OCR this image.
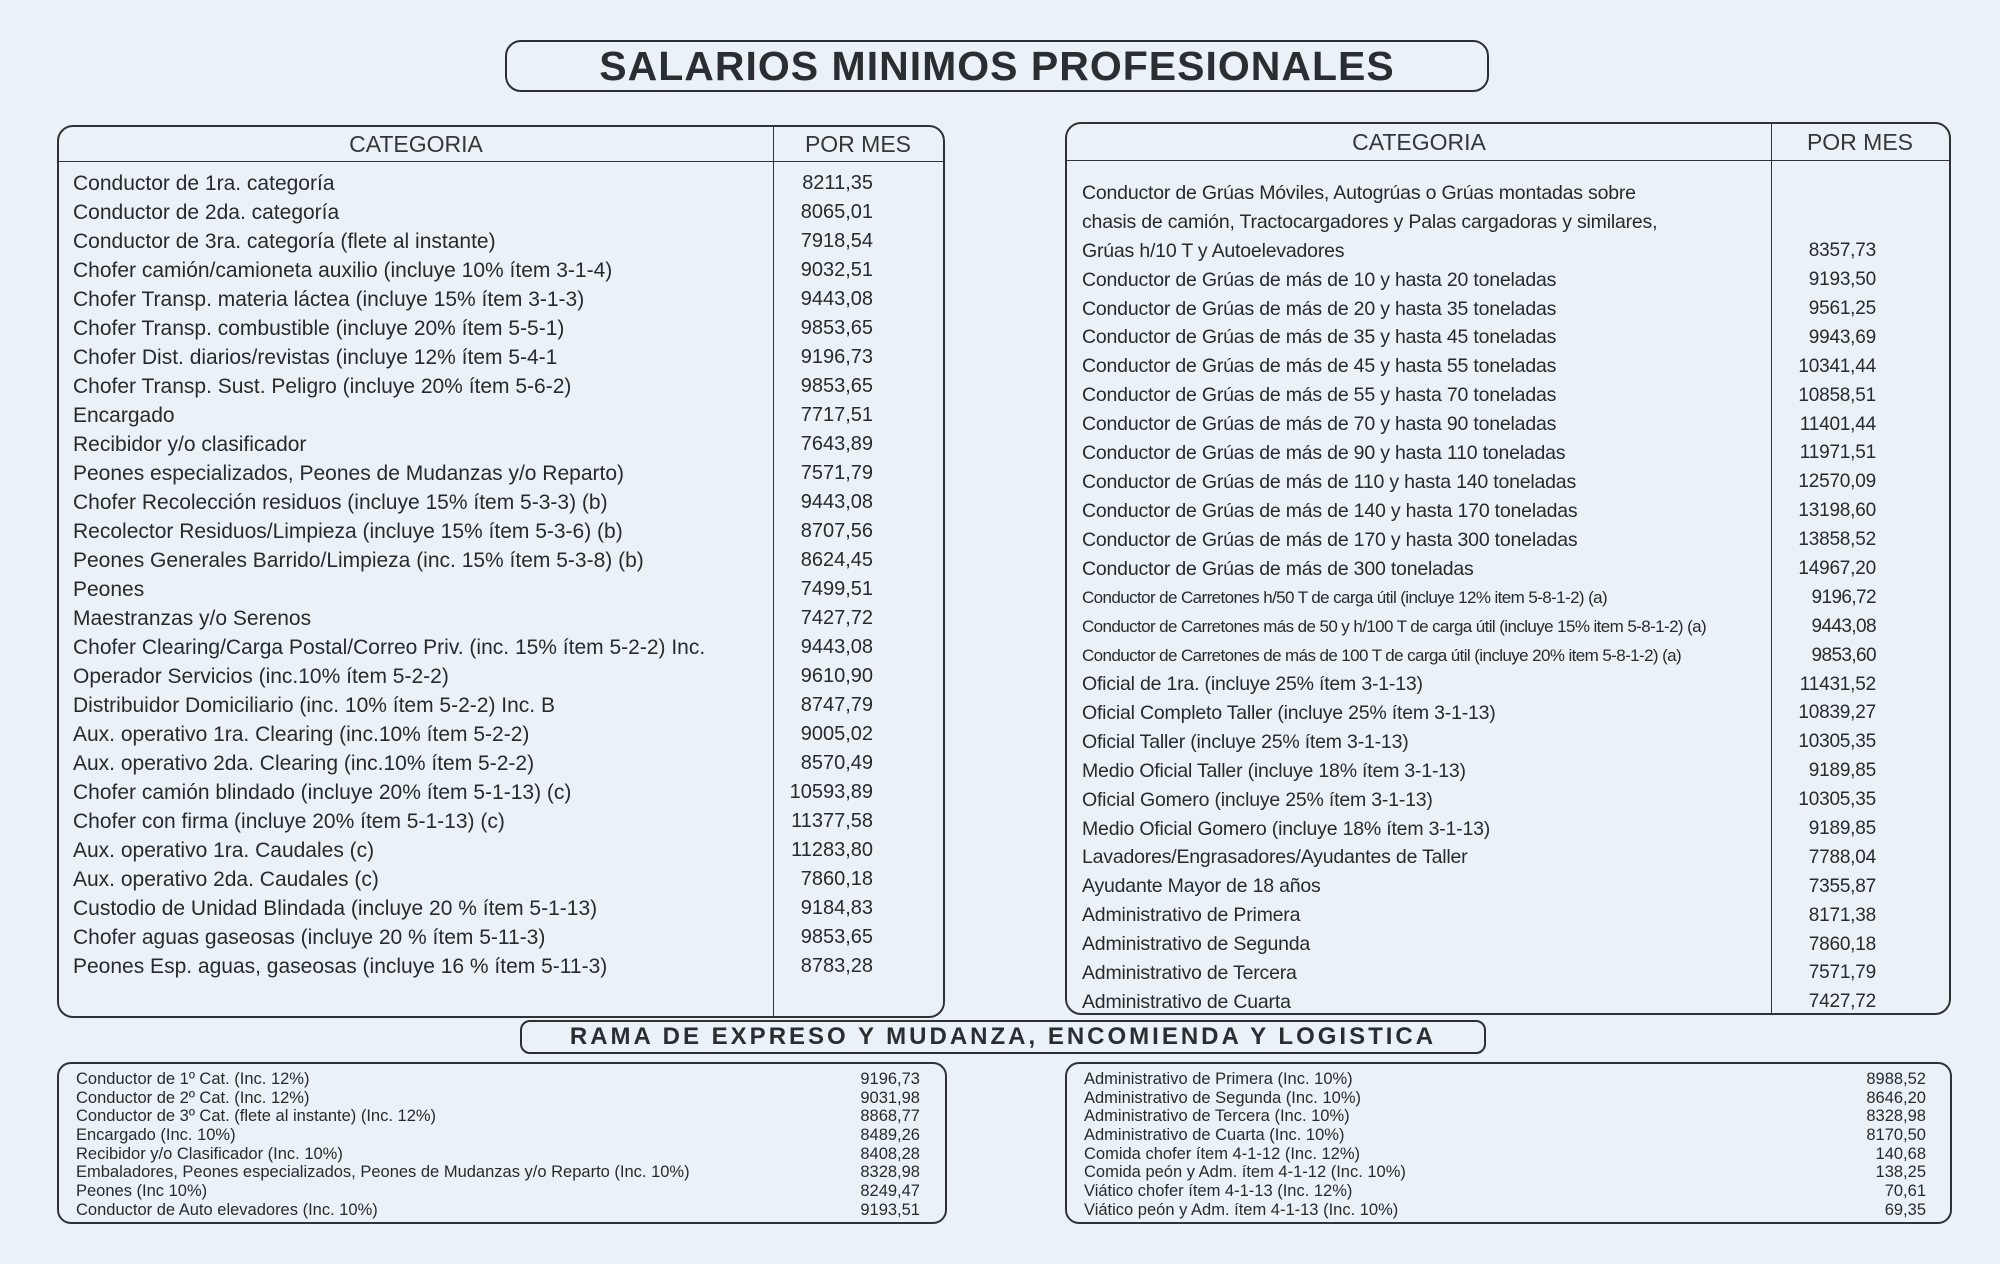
SALARIOS MINIMOS PROFESIONALES
CATEGORIA	POR MES
Conductor de 1ra. categoría	8211,35
Conductor de 2da. categoría	8065,01
Conductor de 3ra. categoría (flete al instante)	7918,54
Chofer camión/camioneta auxilio (incluye 10% ítem 3-1-4)	9032,51
Chofer Transp. materia láctea (incluye 15% ítem 3-1-3)	9443,08
Chofer Transp. combustible (incluye 20% ítem 5-5-1)	9853,65
Chofer Dist. diarios/revistas (incluye 12% ítem 5-4-1	9196,73
Chofer Transp. Sust. Peligro (incluye 20% ítem 5-6-2)	9853,65
Encargado	7717,51
Recibidor y/o clasificador	7643,89
Peones especializados, Peones de Mudanzas y/o Reparto)	7571,79
Chofer Recolección residuos (incluye 15% ítem 5-3-3) (b)	9443,08
Recolector Residuos/Limpieza (incluye 15% ítem 5-3-6) (b)	8707,56
Peones Generales Barrido/Limpieza (inc. 15% ítem 5-3-8) (b)	8624,45
Peones	7499,51
Maestranzas y/o Serenos	7427,72
Chofer Clearing/Carga Postal/Correo Priv. (inc. 15% ítem 5-2-2) Inc.	9443,08
Operador Servicios (inc.10% ítem 5-2-2)	9610,90
Distribuidor Domiciliario (inc. 10% ítem 5-2-2) Inc. B	8747,79
Aux. operativo 1ra. Clearing (inc.10% ítem 5-2-2)	9005,02
Aux. operativo 2da. Clearing (inc.10% ítem 5-2-2)	8570,49
Chofer camión blindado (incluye 20% ítem 5-1-13) (c)	10593,89
Chofer con firma (incluye 20% ítem 5-1-13) (c)	11377,58
Aux. operativo 1ra. Caudales (c)	11283,80
Aux. operativo 2da. Caudales (c)	7860,18
Custodio de Unidad Blindada (incluye 20 % ítem 5-1-13)	9184,83
Chofer aguas gaseosas (incluye 20 % ítem 5-11-3)	9853,65
Peones Esp. aguas, gaseosas (incluye 16 % ítem 5-11-3)	8783,28
CATEGORIA	POR MES
Conductor de Grúas Móviles, Autogrúas o Grúas montadas sobre
chasis de camión, Tractocargadores y Palas cargadoras y similares,
Grúas h/10 T y Autoelevadores	8357,73
Conductor de Grúas de más de 10 y hasta 20 toneladas	9193,50
Conductor de Grúas de más de 20 y hasta 35 toneladas	9561,25
Conductor de Grúas de más de 35 y hasta 45 toneladas	9943,69
Conductor de Grúas de más de 45 y hasta 55 toneladas	10341,44
Conductor de Grúas de más de 55 y hasta 70 toneladas	10858,51
Conductor de Grúas de más de 70 y hasta 90 toneladas	11401,44
Conductor de Grúas de más de 90 y hasta 110 toneladas	11971,51
Conductor de Grúas de más de 110 y hasta 140 toneladas	12570,09
Conductor de Grúas de más de 140 y hasta 170 toneladas	13198,60
Conductor de Grúas de más de 170 y hasta 300 toneladas	13858,52
Conductor de Grúas de más de 300 toneladas	14967,20
Conductor de Carretones h/50 T de carga útil (incluye 12% item 5-8-1-2) (a)	9196,72
Conductor de Carretones más de 50 y h/100 T de carga útil (incluye 15% item 5-8-1-2) (a)	9443,08
Conductor de Carretones de más de 100 T de carga útil (incluye 20% item 5-8-1-2) (a)	9853,60
Oficial de 1ra. (incluye 25% ítem 3-1-13)	11431,52
Oficial Completo Taller (incluye 25% ítem 3-1-13)	10839,27
Oficial Taller (incluye 25% ítem 3-1-13)	10305,35
Medio Oficial Taller (incluye 18% ítem 3-1-13)	9189,85
Oficial Gomero (incluye 25% ítem 3-1-13)	10305,35
Medio Oficial Gomero (incluye 18% ítem 3-1-13)	9189,85
Lavadores/Engrasadores/Ayudantes de Taller	7788,04
Ayudante Mayor de 18 años	7355,87
Administrativo de Primera	8171,38
Administrativo de Segunda	7860,18
Administrativo de Tercera	7571,79
Administrativo de Cuarta	7427,72
RAMA DE EXPRESO Y MUDANZA, ENCOMIENDA Y LOGISTICA
Conductor de 1º Cat. (Inc. 12%)	9196,73
Conductor de 2º Cat. (Inc. 12%)	9031,98
Conductor de 3º Cat. (flete al instante) (Inc. 12%)	8868,77
Encargado (Inc. 10%)	8489,26
Recibidor y/o Clasificador (Inc. 10%)	8408,28
Embaladores, Peones especializados, Peones de Mudanzas y/o Reparto (Inc. 10%)	8328,98
Peones (Inc 10%)	8249,47
Conductor de Auto elevadores (Inc. 10%)	9193,51
Administrativo de Primera (Inc. 10%)	8988,52
Administrativo de Segunda (Inc. 10%)	8646,20
Administrativo de Tercera (Inc. 10%)	8328,98
Administrativo de Cuarta (Inc. 10%)	8170,50
Comida chofer ítem 4-1-12 (Inc. 12%)	140,68
Comida peón y Adm. ítem 4-1-12 (Inc. 10%)	138,25
Viático chofer ítem 4-1-13 (Inc. 12%)	70,61
Viático peón y Adm. ítem 4-1-13 (Inc. 10%)	69,35
